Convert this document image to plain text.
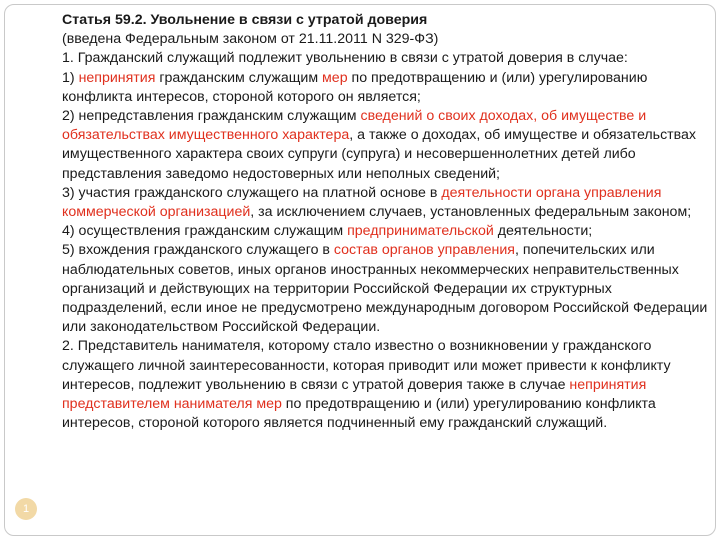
1

Статья 59.2. Увольнение в связи с утратой доверия

(введена Федеральным законом от 21.11.2011 N 329-ФЗ)

1. Гражданский служащий подлежит увольнению в связи с утратой доверия в случае:

1) непринятия гражданским служащим мер по предотвращению и (или) урегулированию конфликта интересов, стороной которого он является;

2) непредставления гражданским служащим сведений о своих доходах, об имуществе и обязательствах имущественного характера, а также о доходах, об имуществе и обязательствах имущественного характера своих супруги (супруга) и несовершеннолетних детей либо представления заведомо недостоверных или неполных сведений;

3) участия гражданского служащего на платной основе в деятельности органа управления коммерческой организацией, за исключением случаев, установленных федеральным законом;

4) осуществления гражданским служащим предпринимательской деятельности;

5) вхождения гражданского служащего в состав органов управления, попечительских или наблюдательных советов, иных органов иностранных некоммерческих неправительственных организаций и действующих на территории Российской Федерации их структурных подразделений, если иное не предусмотрено международным договором Российской Федерации или законодательством Российской Федерации.

2. Представитель нанимателя, которому стало известно о возникновении у гражданского служащего личной заинтересованности, которая приводит или может привести к конфликту интересов, подлежит увольнению в связи с утратой доверия также в случае непринятия представителем нанимателя мер по предотвращению и (или) урегулированию конфликта интересов, стороной которого является подчиненный ему гражданский служащий.
